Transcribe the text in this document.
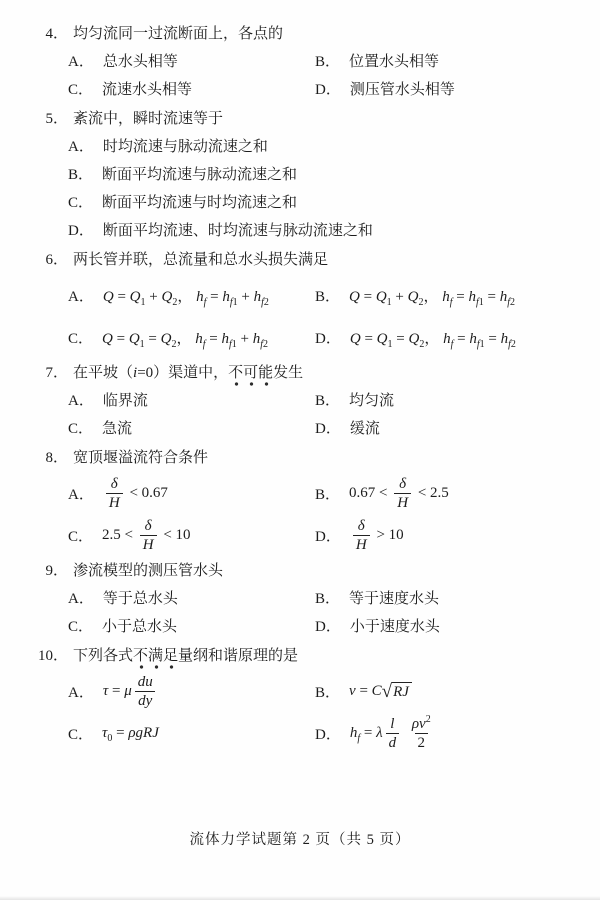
4． 均匀流同一过流断面上，各点的
A． 总水头相等	B． 位置水头相等
C． 流速水头相等	D． 测压管水头相等
5． 紊流中，瞬时流速等于
A． 时均流速与脉动流速之和
B． 断面平均流速与脉动流速之和
C． 断面平均流速与时均流速之和
D． 断面平均流速、时均流速与脉动流速之和
6． 两长管并联，总流量和总水头损失满足
A． $Q = Q_1 + Q_2$， $h_f = h_{f1} + h_{f2}$	B． $Q = Q_1 + Q_2$， $h_f = h_{f1} = h_{f2}$
C． $Q = Q_1 = Q_2$， $h_f = h_{f1} + h_{f2}$	D． $Q = Q_1 = Q_2$， $h_f = h_{f1} = h_{f2}$
7． 在平坡（i=0）渠道中，不可能发生
A． 临界流	B． 均匀流
C． 急流	D． 缓流
8． 宽顶堰溢流符合条件
A． $\frac{\delta}{H} < 0.67$	B． $0.67 < \frac{\delta}{H} < 2.5$
C． $2.5 < \frac{\delta}{H} < 10$	D． $\frac{\delta}{H} > 10$
9． 渗流模型的测压管水头
A． 等于总水头	B． 等于速度水头
C． 小于总水头	D． 小于速度水头
10． 下列各式不满足量纲和谐原理的是
A． τ = μ $\frac{du}{dy}$	B． v = C √ RJ
C． $\tau_0 = \rho gRJ$	D． $h_f = \lambda \frac{l}{d}$
$\frac{\rho v^2}{2}$
流体力学试题第 2 页（共 5 页）
